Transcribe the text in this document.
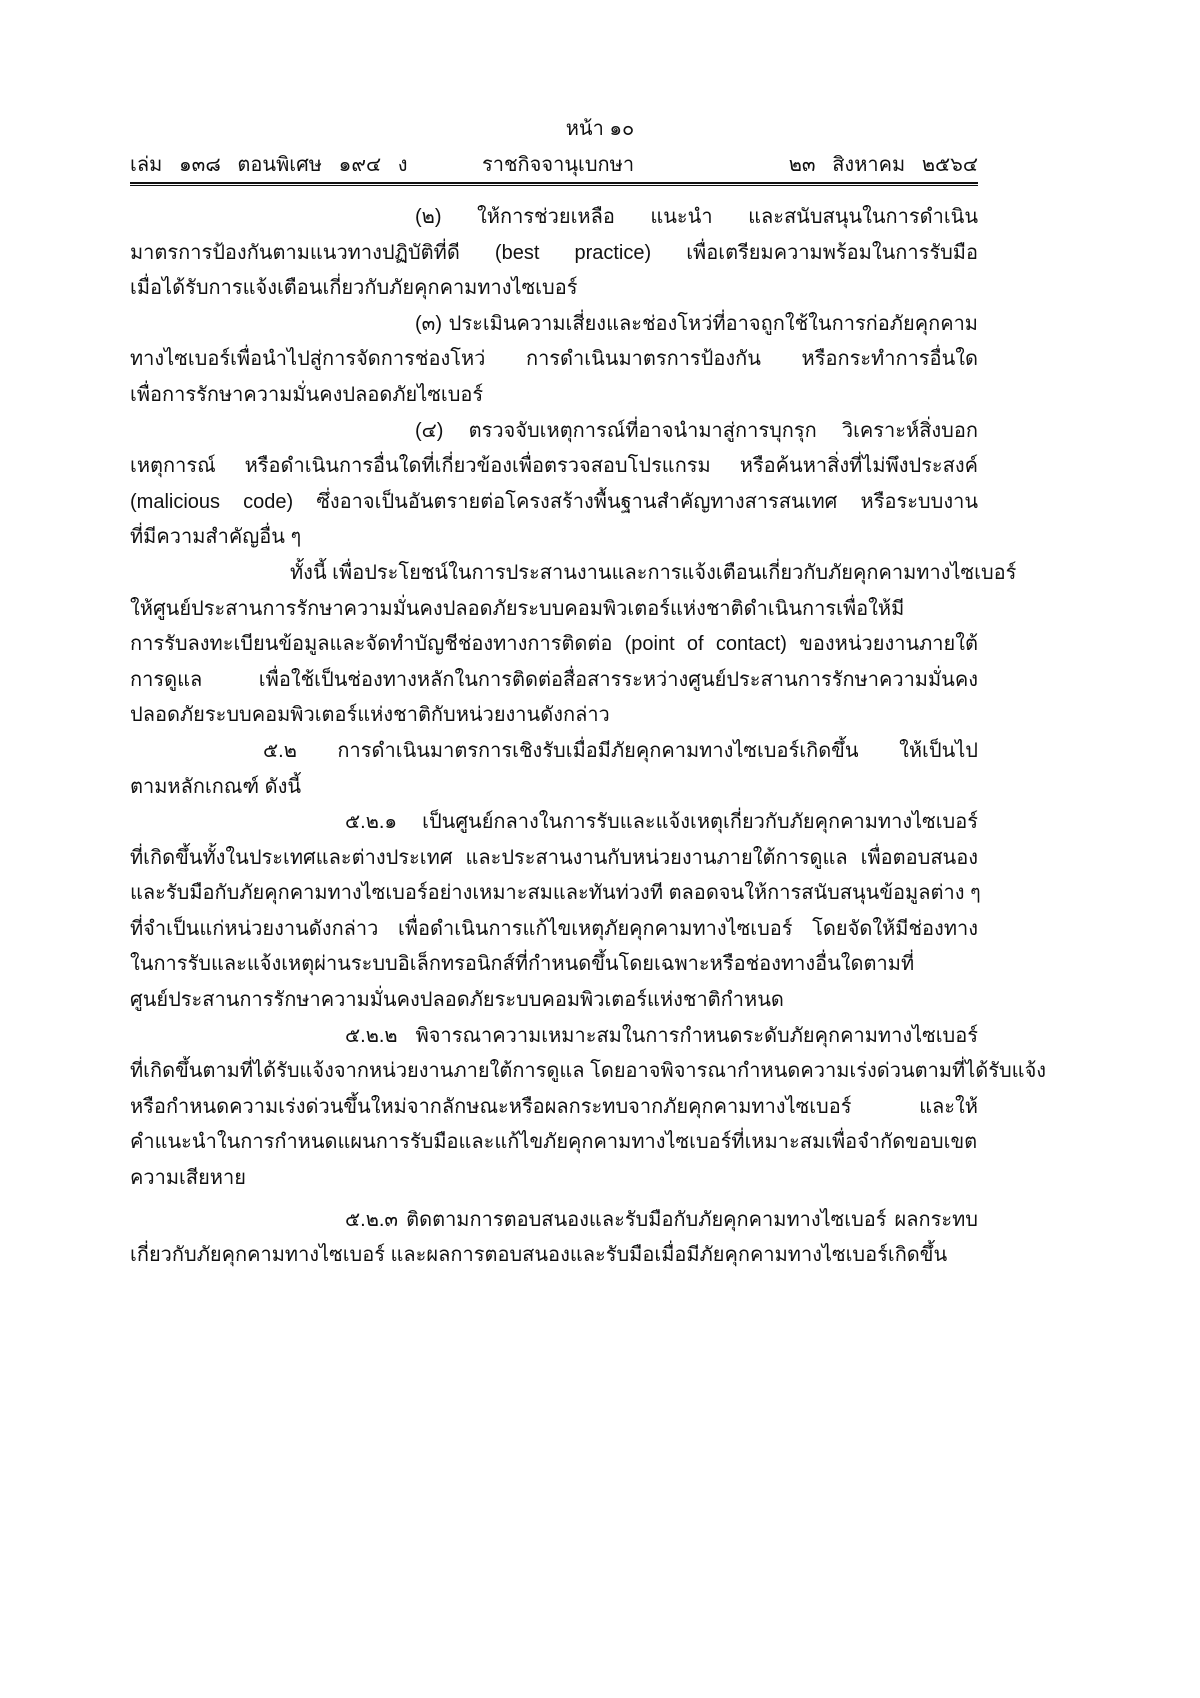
หน้า ๑๐
เล่ม   ๑๓๘   ตอนพิเศษ   ๑๙๔   ง	ราชกิจจานุเบกษา	๒๓   สิงหาคม   ๒๕๖๔
(๒) ให้การช่วยเหลือ แนะนำ และสนับสนุนในการดำเนิน
มาตรการป้องกันตามแนวทางปฏิบัติที่ดี (best practice) เพื่อเตรียมความพร้อมในการรับมือ
เมื่อได้รับการแจ้งเตือนเกี่ยวกับภัยคุกคามทางไซเบอร์
(๓) ประเมินความเสี่ยงและช่องโหว่ที่อาจถูกใช้ในการก่อภัยคุกคาม
ทางไซเบอร์เพื่อนำไปสู่การจัดการช่องโหว่ การดำเนินมาตรการป้องกัน หรือกระทำการอื่นใด
เพื่อการรักษาความมั่นคงปลอดภัยไซเบอร์
(๔) ตรวจจับเหตุการณ์ที่อาจนำมาสู่การบุกรุก วิเคราะห์สิ่งบอก
เหตุการณ์ หรือดำเนินการอื่นใดที่เกี่ยวข้องเพื่อตรวจสอบโปรแกรม หรือค้นหาสิ่งที่ไม่พึงประสงค์
(malicious code) ซึ่งอาจเป็นอันตรายต่อโครงสร้างพื้นฐานสำคัญทางสารสนเทศ หรือระบบงาน
ที่มีความสำคัญอื่น ๆ
ทั้งนี้ เพื่อประโยชน์ในการประสานงานและการแจ้งเตือนเกี่ยวกับภัยคุกคามทางไซเบอร์
ให้ศูนย์ประสานการรักษาความมั่นคงปลอดภัยระบบคอมพิวเตอร์แห่งชาติดำเนินการเพื่อให้มี
การรับลงทะเบียนข้อมูลและจัดทำบัญชีช่องทางการติดต่อ (point of contact) ของหน่วยงานภายใต้
การดูแล เพื่อใช้เป็นช่องทางหลักในการติดต่อสื่อสารระหว่างศูนย์ประสานการรักษาความมั่นคง
ปลอดภัยระบบคอมพิวเตอร์แห่งชาติกับหน่วยงานดังกล่าว
๕.๒ การดำเนินมาตรการเชิงรับเมื่อมีภัยคุกคามทางไซเบอร์เกิดขึ้น ให้เป็นไป
ตามหลักเกณฑ์ ดังนี้
๕.๒.๑ เป็นศูนย์กลางในการรับและแจ้งเหตุเกี่ยวกับภัยคุกคามทางไซเบอร์
ที่เกิดขึ้นทั้งในประเทศและต่างประเทศ และประสานงานกับหน่วยงานภายใต้การดูแล เพื่อตอบสนอง
และรับมือกับภัยคุกคามทางไซเบอร์อย่างเหมาะสมและทันท่วงที ตลอดจนให้การสนับสนุนข้อมูลต่าง ๆ
ที่จำเป็นแก่หน่วยงานดังกล่าว เพื่อดำเนินการแก้ไขเหตุภัยคุกคามทางไซเบอร์ โดยจัดให้มีช่องทาง
ในการรับและแจ้งเหตุผ่านระบบอิเล็กทรอนิกส์ที่กำหนดขึ้นโดยเฉพาะหรือช่องทางอื่นใดตามที่
ศูนย์ประสานการรักษาความมั่นคงปลอดภัยระบบคอมพิวเตอร์แห่งชาติกำหนด
๕.๒.๒ พิจารณาความเหมาะสมในการกำหนดระดับภัยคุกคามทางไซเบอร์
ที่เกิดขึ้นตามที่ได้รับแจ้งจากหน่วยงานภายใต้การดูแล โดยอาจพิจารณากำหนดความเร่งด่วนตามที่ได้รับแจ้ง
หรือกำหนดความเร่งด่วนขึ้นใหม่จากลักษณะหรือผลกระทบจากภัยคุกคามทางไซเบอร์ และให้
คำแนะนำในการกำหนดแผนการรับมือและแก้ไขภัยคุกคามทางไซเบอร์ที่เหมาะสมเพื่อจำกัดขอบเขต
ความเสียหาย
๕.๒.๓ ติดตามการตอบสนองและรับมือกับภัยคุกคามทางไซเบอร์ ผลกระทบ
เกี่ยวกับภัยคุกคามทางไซเบอร์ และผลการตอบสนองและรับมือเมื่อมีภัยคุกคามทางไซเบอร์เกิดขึ้น
